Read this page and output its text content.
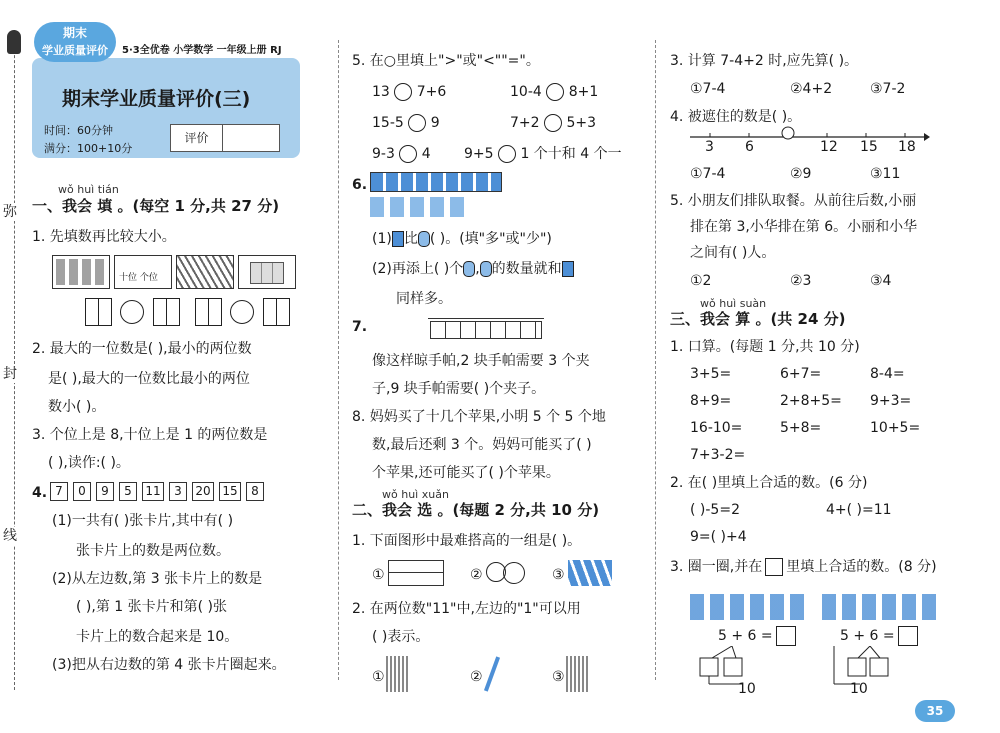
弥
封
线
期末
学业质量评价	5·3全优卷 小学数学 一年级上册 RJ
期末学业质量评价(三)
时间：60分钟
满分：100+10分
评价
wǒ huì tián
一、我会 填 。(每空 1 分,共 27 分)
1. 先填数再比较大小。
十位 个位

2. 最大的一位数是( ),最小的两位数
是( ),最大的一位数比最小的两位
数小( )。
3. 个位上是 8,十位上是 1 的两位数是
( ),读作:( )。
4. 7	0	9	5	11	3	20 15	8
(1)一共有( )张卡片,其中有( )
张卡片上的数是两位数。
(2)从左边数,第 3 张卡片上的数是
( ),第 1 张卡片和第( )张
卡片上的数合起来是 10。
(3)把从右边数的第 4 张卡片圈起来。
5. 在○里填上">"或"<""="。
13 7+6	10-4 8+1
15-5 9	7+2 5+3
9-3 4 9+5 1 个十和 4 个一
6.
(1) 比 ( )。(填"多"或"少")
(2)再添上( )个 , 的数量就和
同样多。
7.
像这样晾手帕,2 块手帕需要 3 个夹
子,9 块手帕需要( )个夹子。
8. 妈妈买了十几个苹果,小明 5 个 5 个地
数,最后还剩 3 个。妈妈可能买了( )
个苹果,还可能买了( )个苹果。
wǒ huì xuǎn
二、我会 选 。(每题 2 分,共 10 分)
1. 下面图形中最难搭高的一组是( )。
①	②	③
2. 在两位数"11"中,左边的"1"可以用
( )表示。
①	②	③
3. 计算 7-4+2 时,应先算( )。
①7-4	②4+2	③7-2
4. 被遮住的数是( )。
3 6	12 15 18
①7-4	②9	③11
5. 小朋友们排队取餐。从前往后数,小丽
排在第 3,小华排在第 6。小丽和小华
之间有( )人。
①2	②3	③4
wǒ huì suàn
三、我会 算 。(共 24 分)
1. 口算。(每题 1 分,共 10 分)
3+5=	6+7=	8-4=
8+9=	2+8+5= 9+3=
16-10=	5+8=	10+5=
7+3-2=
2. 在( )里填上合适的数。(6 分)
( )-5=2	4+( )=11
9=( )+4
3. 圈一圈,并在 里填上合适的数。(8 分)
5 + 6 =	5 + 6 =
10	10
35
